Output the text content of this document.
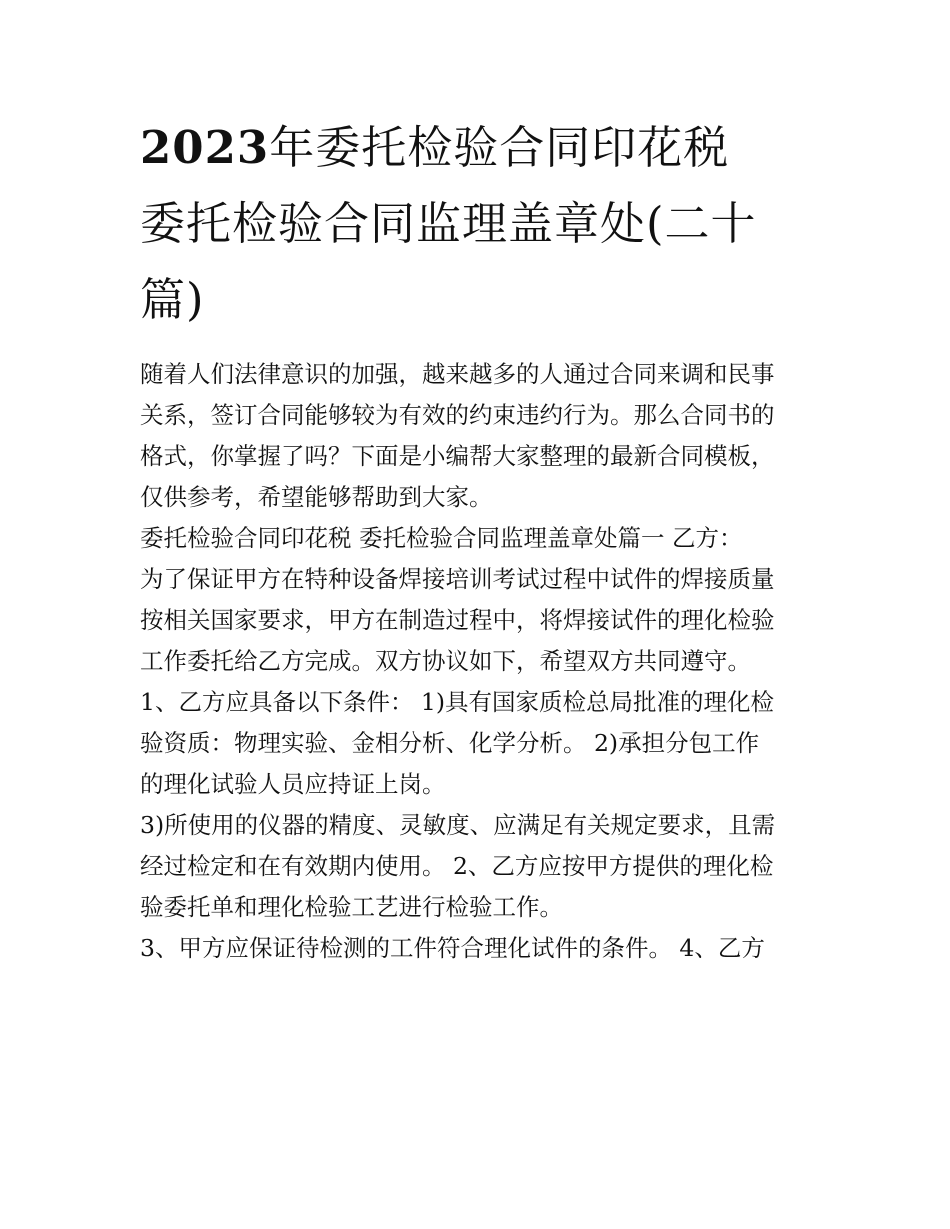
2023年委托检验合同印花税
委托检验合同监理盖章处(二十
篇)
随着人们法律意识的加强，越来越多的人通过合同来调和民事
关系，签订合同能够较为有效的约束违约行为。那么合同书的
格式，你掌握了吗？下面是小编帮大家整理的最新合同模板，
仅供参考，希望能够帮助到大家。
委托检验合同印花税 委托检验合同监理盖章处篇一 乙方：
为了保证甲方在特种设备焊接培训考试过程中试件的焊接质量
按相关国家要求，甲方在制造过程中，将焊接试件的理化检验
工作委托给乙方完成。双方协议如下，希望双方共同遵守。
1、乙方应具备以下条件： 1)具有国家质检总局批准的理化检
验资质：物理实验、金相分析、化学分析。 2)承担分包工作
的理化试验人员应持证上岗。
3)所使用的仪器的精度、灵敏度、应满足有关规定要求，且需
经过检定和在有效期内使用。 2、乙方应按甲方提供的理化检
验委托单和理化检验工艺进行检验工作。
3、甲方应保证待检测的工件符合理化试件的条件。 4、乙方
